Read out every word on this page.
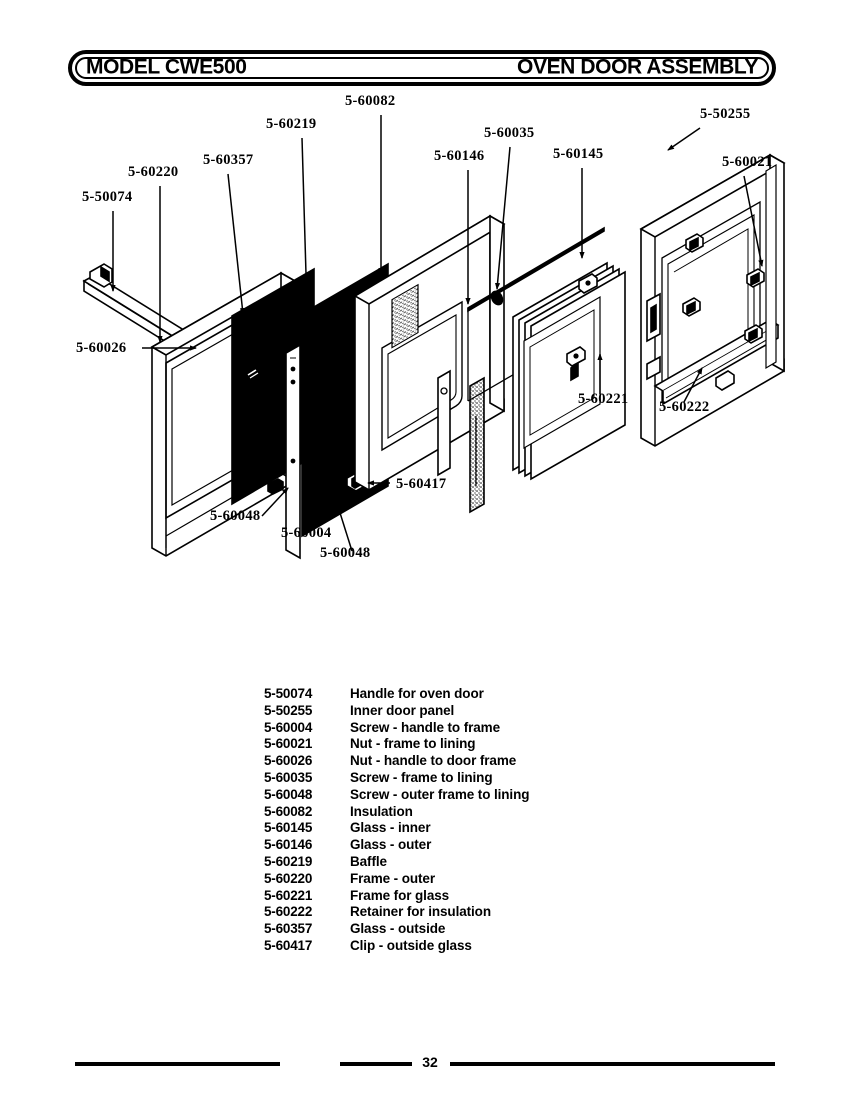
MODEL CWE500	OVEN DOOR ASSEMBLY
5-50074
5-60220
5-60357
5-60219
5-60082
5-60146
5-60035
5-60145
5-50255
5-60021
5-60026
5-60048
5-60004
5-60048
5-60417
5-60221 5-60222
5-50074	Handle for oven door
5-50255	Inner door panel
5-60004	Screw - handle to frame
5-60021	Nut - frame to lining
5-60026	Nut - handle to door frame
5-60035	Screw - frame to lining
5-60048	Screw - outer frame to lining
5-60082	Insulation
5-60145	Glass - inner
5-60146	Glass - outer
5-60219	Baffle
5-60220	Frame - outer
5-60221	Frame for glass
5-60222	Retainer for insulation
5-60357	Glass - outside
5-60417	Clip - outside glass
32
